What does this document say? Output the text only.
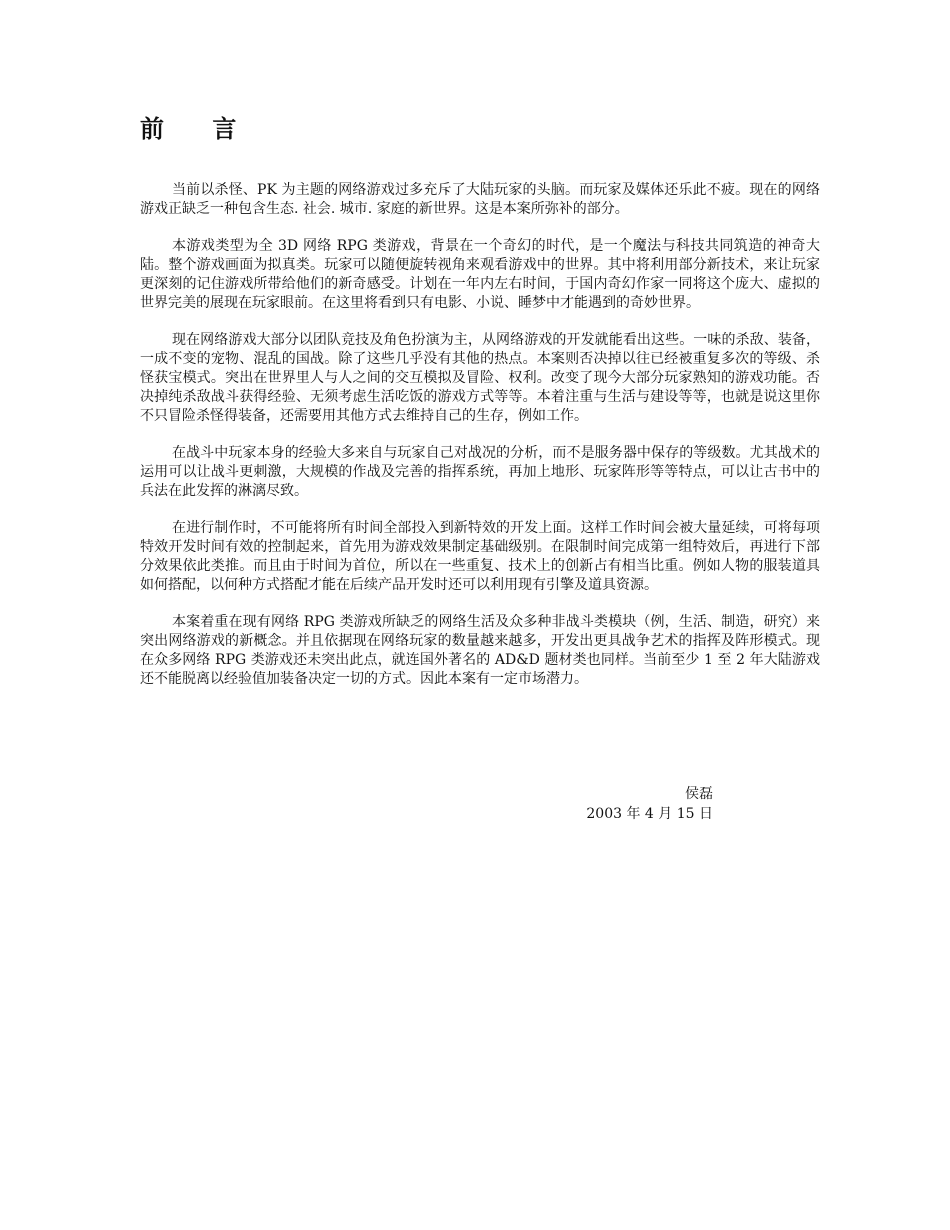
前 言

当前以杀怪、PK 为主题的网络游戏过多充斥了大陆玩家的头脑。而玩家及媒体还乐此不疲。现在的网络游戏正缺乏一种包含生态. 社会. 城市. 家庭的新世界。这是本案所弥补的部分。

本游戏类型为全 3D 网络 RPG 类游戏，背景在一个奇幻的时代，是一个魔法与科技共同筑造的神奇大陆。整个游戏画面为拟真类。玩家可以随便旋转视角来观看游戏中的世界。其中将利用部分新技术，来让玩家更深刻的记住游戏所带给他们的新奇感受。计划在一年内左右时间，于国内奇幻作家一同将这个庞大、虚拟的世界完美的展现在玩家眼前。在这里将看到只有电影、小说、睡梦中才能遇到的奇妙世界。

现在网络游戏大部分以团队竞技及角色扮演为主，从网络游戏的开发就能看出这些。一味的杀敌、装备，一成不变的宠物、混乱的国战。除了这些几乎没有其他的热点。本案则否决掉以往已经被重复多次的等级、杀怪获宝模式。突出在世界里人与人之间的交互模拟及冒险、权利。改变了现今大部分玩家熟知的游戏功能。否决掉纯杀敌战斗获得经验、无须考虑生活吃饭的游戏方式等等。本着注重与生活与建设等等，也就是说这里你不只冒险杀怪得装备，还需要用其他方式去维持自己的生存，例如工作。

在战斗中玩家本身的经验大多来自与玩家自己对战况的分析，而不是服务器中保存的等级数。尤其战术的运用可以让战斗更刺激，大规模的作战及完善的指挥系统，再加上地形、玩家阵形等等特点，可以让古书中的兵法在此发挥的淋漓尽致。

在进行制作时，不可能将所有时间全部投入到新特效的开发上面。这样工作时间会被大量延续，可将每项特效开发时间有效的控制起来，首先用为游戏效果制定基础级别。在限制时间完成第一组特效后，再进行下部分效果依此类推。而且由于时间为首位，所以在一些重复、技术上的创新占有相当比重。例如人物的服装道具如何搭配，以何种方式搭配才能在后续产品开发时还可以利用现有引擎及道具资源。

本案着重在现有网络 RPG 类游戏所缺乏的网络生活及众多种非战斗类模块（例，生活、制造，研究）来突出网络游戏的新概念。并且依据现在网络玩家的数量越来越多，开发出更具战争艺术的指挥及阵形模式。现在众多网络 RPG 类游戏还未突出此点，就连国外著名的 AD&D 题材类也同样。当前至少 1 至 2 年大陆游戏还不能脱离以经验值加装备决定一切的方式。因此本案有一定市场潜力。

侯磊
2003 年 4 月 15 日
